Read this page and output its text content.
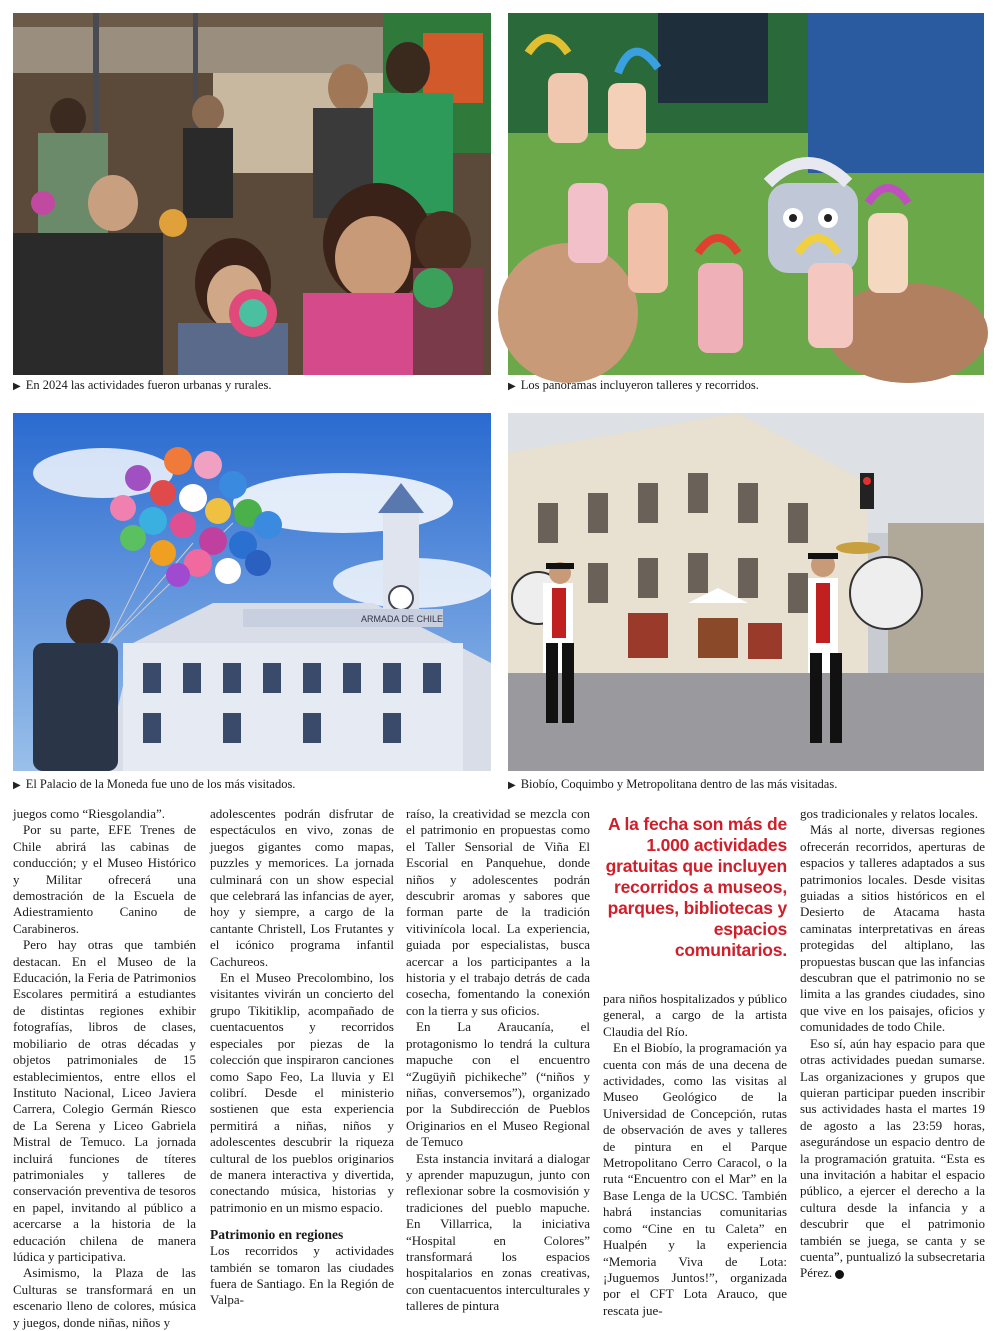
▶ En 2024 las actividades fueron urbanas y rurales.	▶ Los panoramas incluyeron talleres y recorridos.
ARMADA DE CHILE
▶ El Palacio de la Moneda fue uno de los más visitados.	▶ Biobío, Coquimbo y Metropolitana dentro de las más visitadas.

juegos como “Riesgolandia”.

Por su parte, EFE Trenes de Chile abrirá las cabinas de conducción; y el Museo Histórico y Militar ofrecerá una demostración de la Escuela de Adiestramiento Canino de Carabineros.

Pero hay otras que también destacan. En el Museo de la Educación, la Feria de Patrimonios Escolares permitirá a estudiantes de distintas regiones exhibir fotografías, libros de clases, mobiliario de otras décadas y objetos patrimoniales de 15 establecimientos, entre ellos el Instituto Nacional, Liceo Javiera Carrera, Colegio Germán Riesco de La Serena y Liceo Gabriela Mistral de Temuco. La jornada incluirá funciones de títeres patrimoniales y talleres de conservación preventiva de tesoros en papel, invitando al público a acercarse a la historia de la educación chilena de manera lúdica y participativa.

Asimismo, la Plaza de las Culturas se transformará en un escenario lleno de colores, música y juegos, donde niñas, niños y

adolescentes podrán disfrutar de espectáculos en vivo, zonas de juegos gigantes como mapas, puzzles y memorices. La jornada culminará con un show especial que celebrará las infancias de ayer, hoy y siempre, a cargo de la cantante Christell, Los Frutantes y el icónico programa infantil Cachureos.

En el Museo Precolombino, los visitantes vivirán un concierto del grupo Tikitiklip, acompañado de cuentacuentos y recorridos especiales por piezas de la colección que inspiraron canciones como Sapo Feo, La lluvia y El colibrí. Desde el ministerio sostienen que esta experiencia permitirá a niñas, niños y adolescentes descubrir la riqueza cultural de los pueblos originarios de manera interactiva y divertida, conectando música, historias y patrimonio en un mismo espacio.

Patrimonio en regiones

Los recorridos y actividades también se tomaron las ciudades fuera de Santiago. En la Región de Valpa-

raíso, la creatividad se mezcla con el patrimonio en propuestas como el Taller Sensorial de Viña El Escorial en Panquehue, donde niños y adolescentes podrán descubrir aromas y sabores que forman parte de la tradición vitivinícola local. La experiencia, guiada por especialistas, busca acercar a los participantes a la historia y el trabajo detrás de cada cosecha, fomentando la conexión con la tierra y sus oficios.

En La Araucanía, el protagonismo lo tendrá la cultura mapuche con el encuentro “Zugüyiñ pichikeche” (“niños y niñas, conversemos”), organizado por la Subdirección de Pueblos Originarios en el Museo Regional de Temuco

Esta instancia invitará a dialogar y aprender mapuzugun, junto con reflexionar sobre la cosmovisión y tradiciones del pueblo mapuche. En Villarrica, la iniciativa “Hospital en Colores” transformará los espacios hospitalarios en zonas creativas, con cuentacuentos interculturales y talleres de pintura

A la fecha son más de 1.000 actividades gratuitas que incluyen recorridos a museos, parques, bibliotecas y espacios comunitarios.

para niños hospitalizados y público general, a cargo de la artista Claudia del Río.

En el Biobío, la programación ya cuenta con más de una decena de actividades, como las visitas al Museo Geológico de la Universidad de Concepción, rutas de observación de aves y talleres de pintura en el Parque Metropolitano Cerro Caracol, o la ruta “Encuentro con el Mar” en la Base Lenga de la UCSC. También habrá instancias comunitarias como “Cine en tu Caleta” en Hualpén y la experiencia “Memoria Viva de Lota: ¡Juguemos Juntos!”, organizada por el CFT Lota Arauco, que rescata jue-

gos tradicionales y relatos locales.

Más al norte, diversas regiones ofrecerán recorridos, aperturas de espacios y talleres adaptados a sus patrimonios locales. Desde visitas guiadas a sitios históricos en el Desierto de Atacama hasta caminatas interpretativas en áreas protegidas del altiplano, las propuestas buscan que las infancias descubran que el patrimonio no se limita a las grandes ciudades, sino que vive en los paisajes, oficios y comunidades de todo Chile.

Eso sí, aún hay espacio para que otras actividades puedan sumarse. Las organizaciones y grupos que quieran participar pueden inscribir sus actividades hasta el martes 19 de agosto a las 23:59 horas, asegurándose un espacio dentro de la programación gratuita. “Esta es una invitación a habitar el espacio público, a ejercer el derecho a la cultura desde la infancia y a descubrir que el patrimonio también se juega, se canta y se cuenta”, puntualizó la subsecretaria Pérez.
